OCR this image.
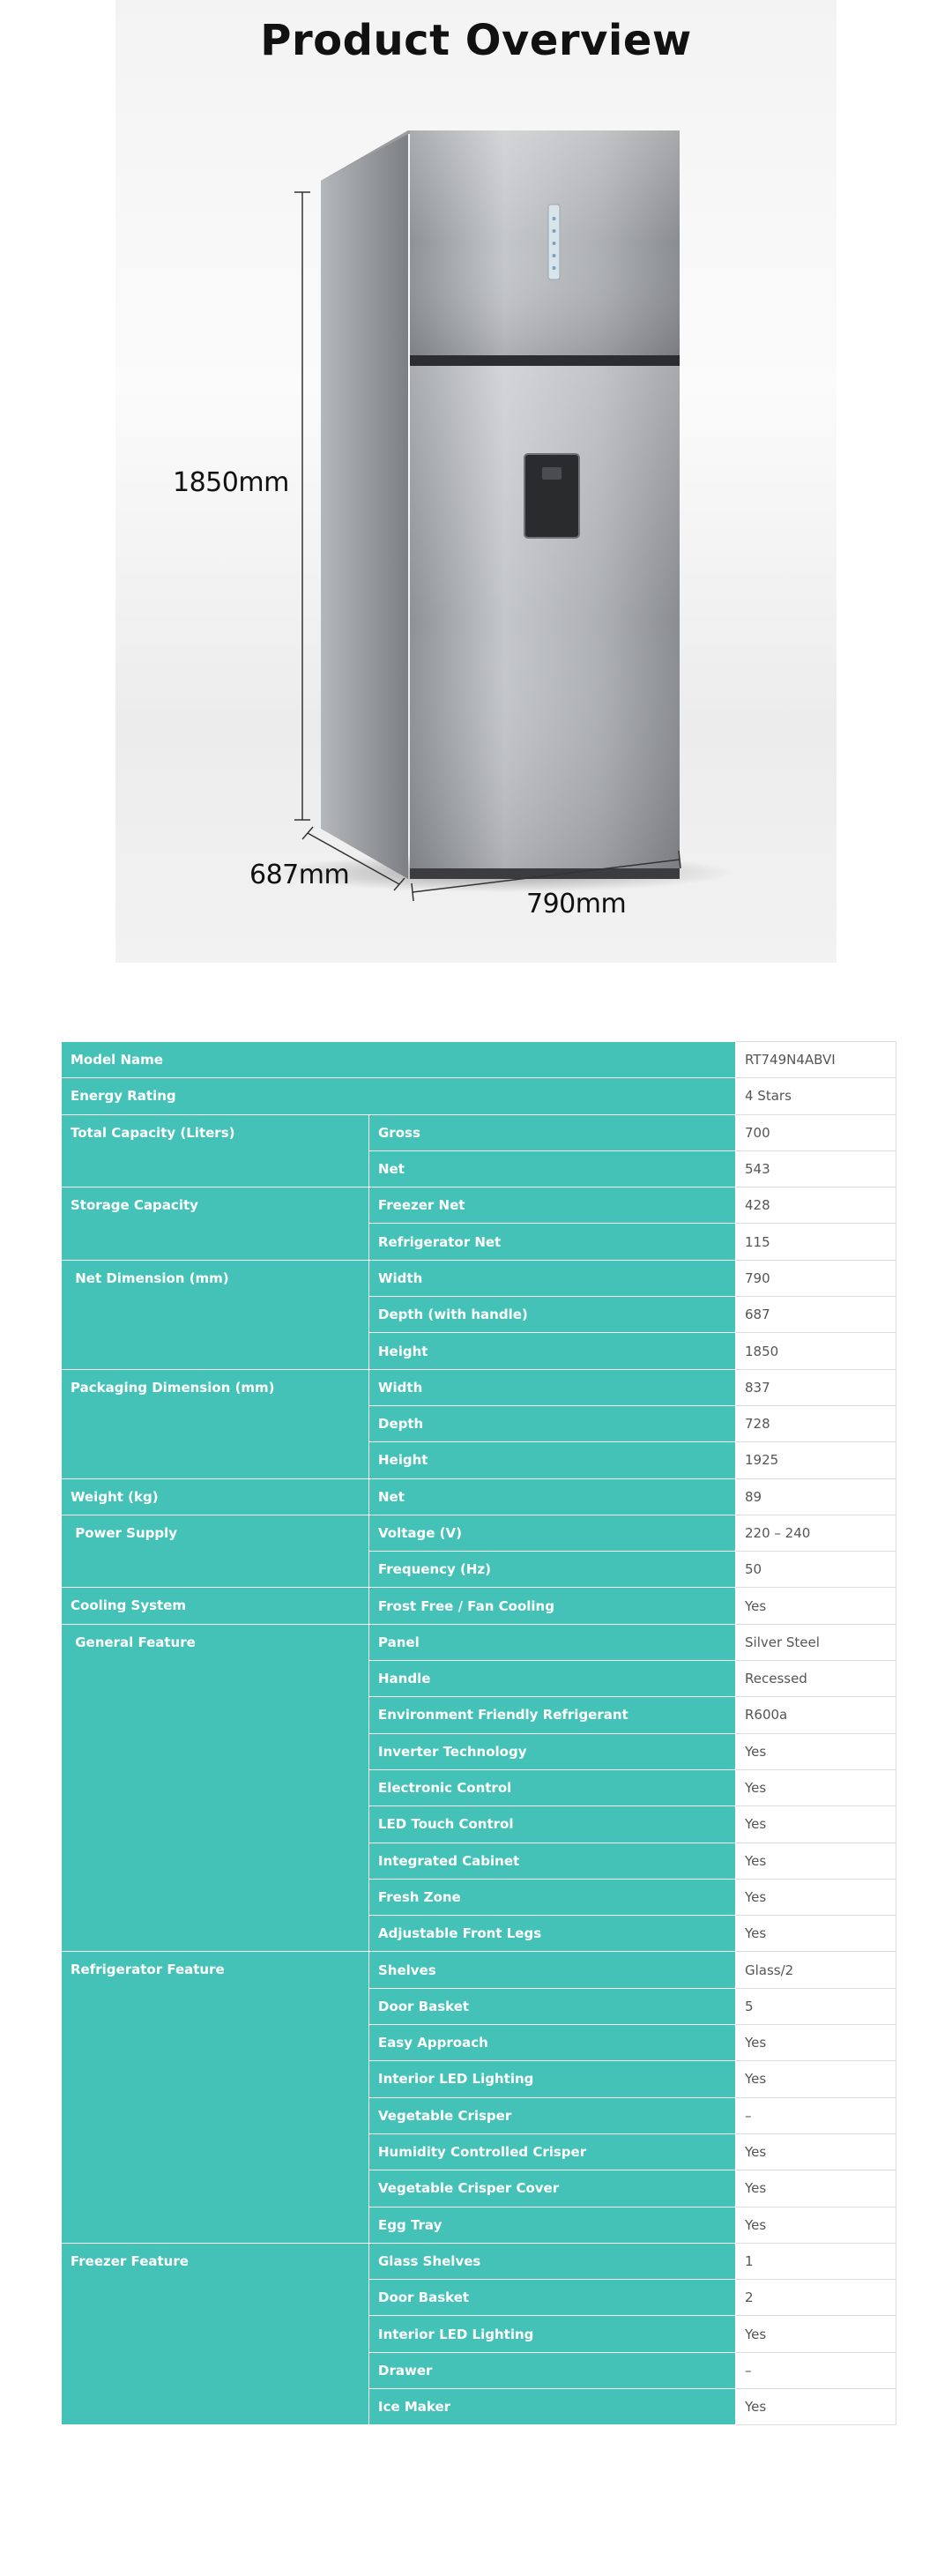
Product Overview
1850mm
687mm
790mm
Model Name		RT749N4ABVI
Energy Rating		4 Stars
Total Capacity (Liters)	Gross	700
	Net	543
Storage Capacity	Freezer Net	428
	Refrigerator Net	115
Net Dimension (mm)	Width	790
	Depth (with handle)	687
	Height	1850
Packaging Dimension (mm)	Width	837
	Depth	728
	Height	1925
Weight (kg)	Net	89
Power Supply	Voltage (V)	220 – 240
	Frequency (Hz)	50
Cooling System	Frost Free / Fan Cooling	Yes
General Feature	Panel	Silver Steel
	Handle	Recessed
	Environment Friendly Refrigerant	R600a
	Inverter Technology	Yes
	Electronic Control	Yes
	LED Touch Control	Yes
	Integrated Cabinet	Yes
	Fresh Zone	Yes
	Adjustable Front Legs	Yes
Refrigerator Feature	Shelves	Glass/2
	Door Basket	5
	Easy Approach	Yes
	Interior LED Lighting	Yes
	Vegetable Crisper	–
	Humidity Controlled Crisper	Yes
	Vegetable Crisper Cover	Yes
	Egg Tray	Yes
Freezer Feature	Glass Shelves	1
	Door Basket	2
	Interior LED Lighting	Yes
	Drawer	–
	Ice Maker	Yes
